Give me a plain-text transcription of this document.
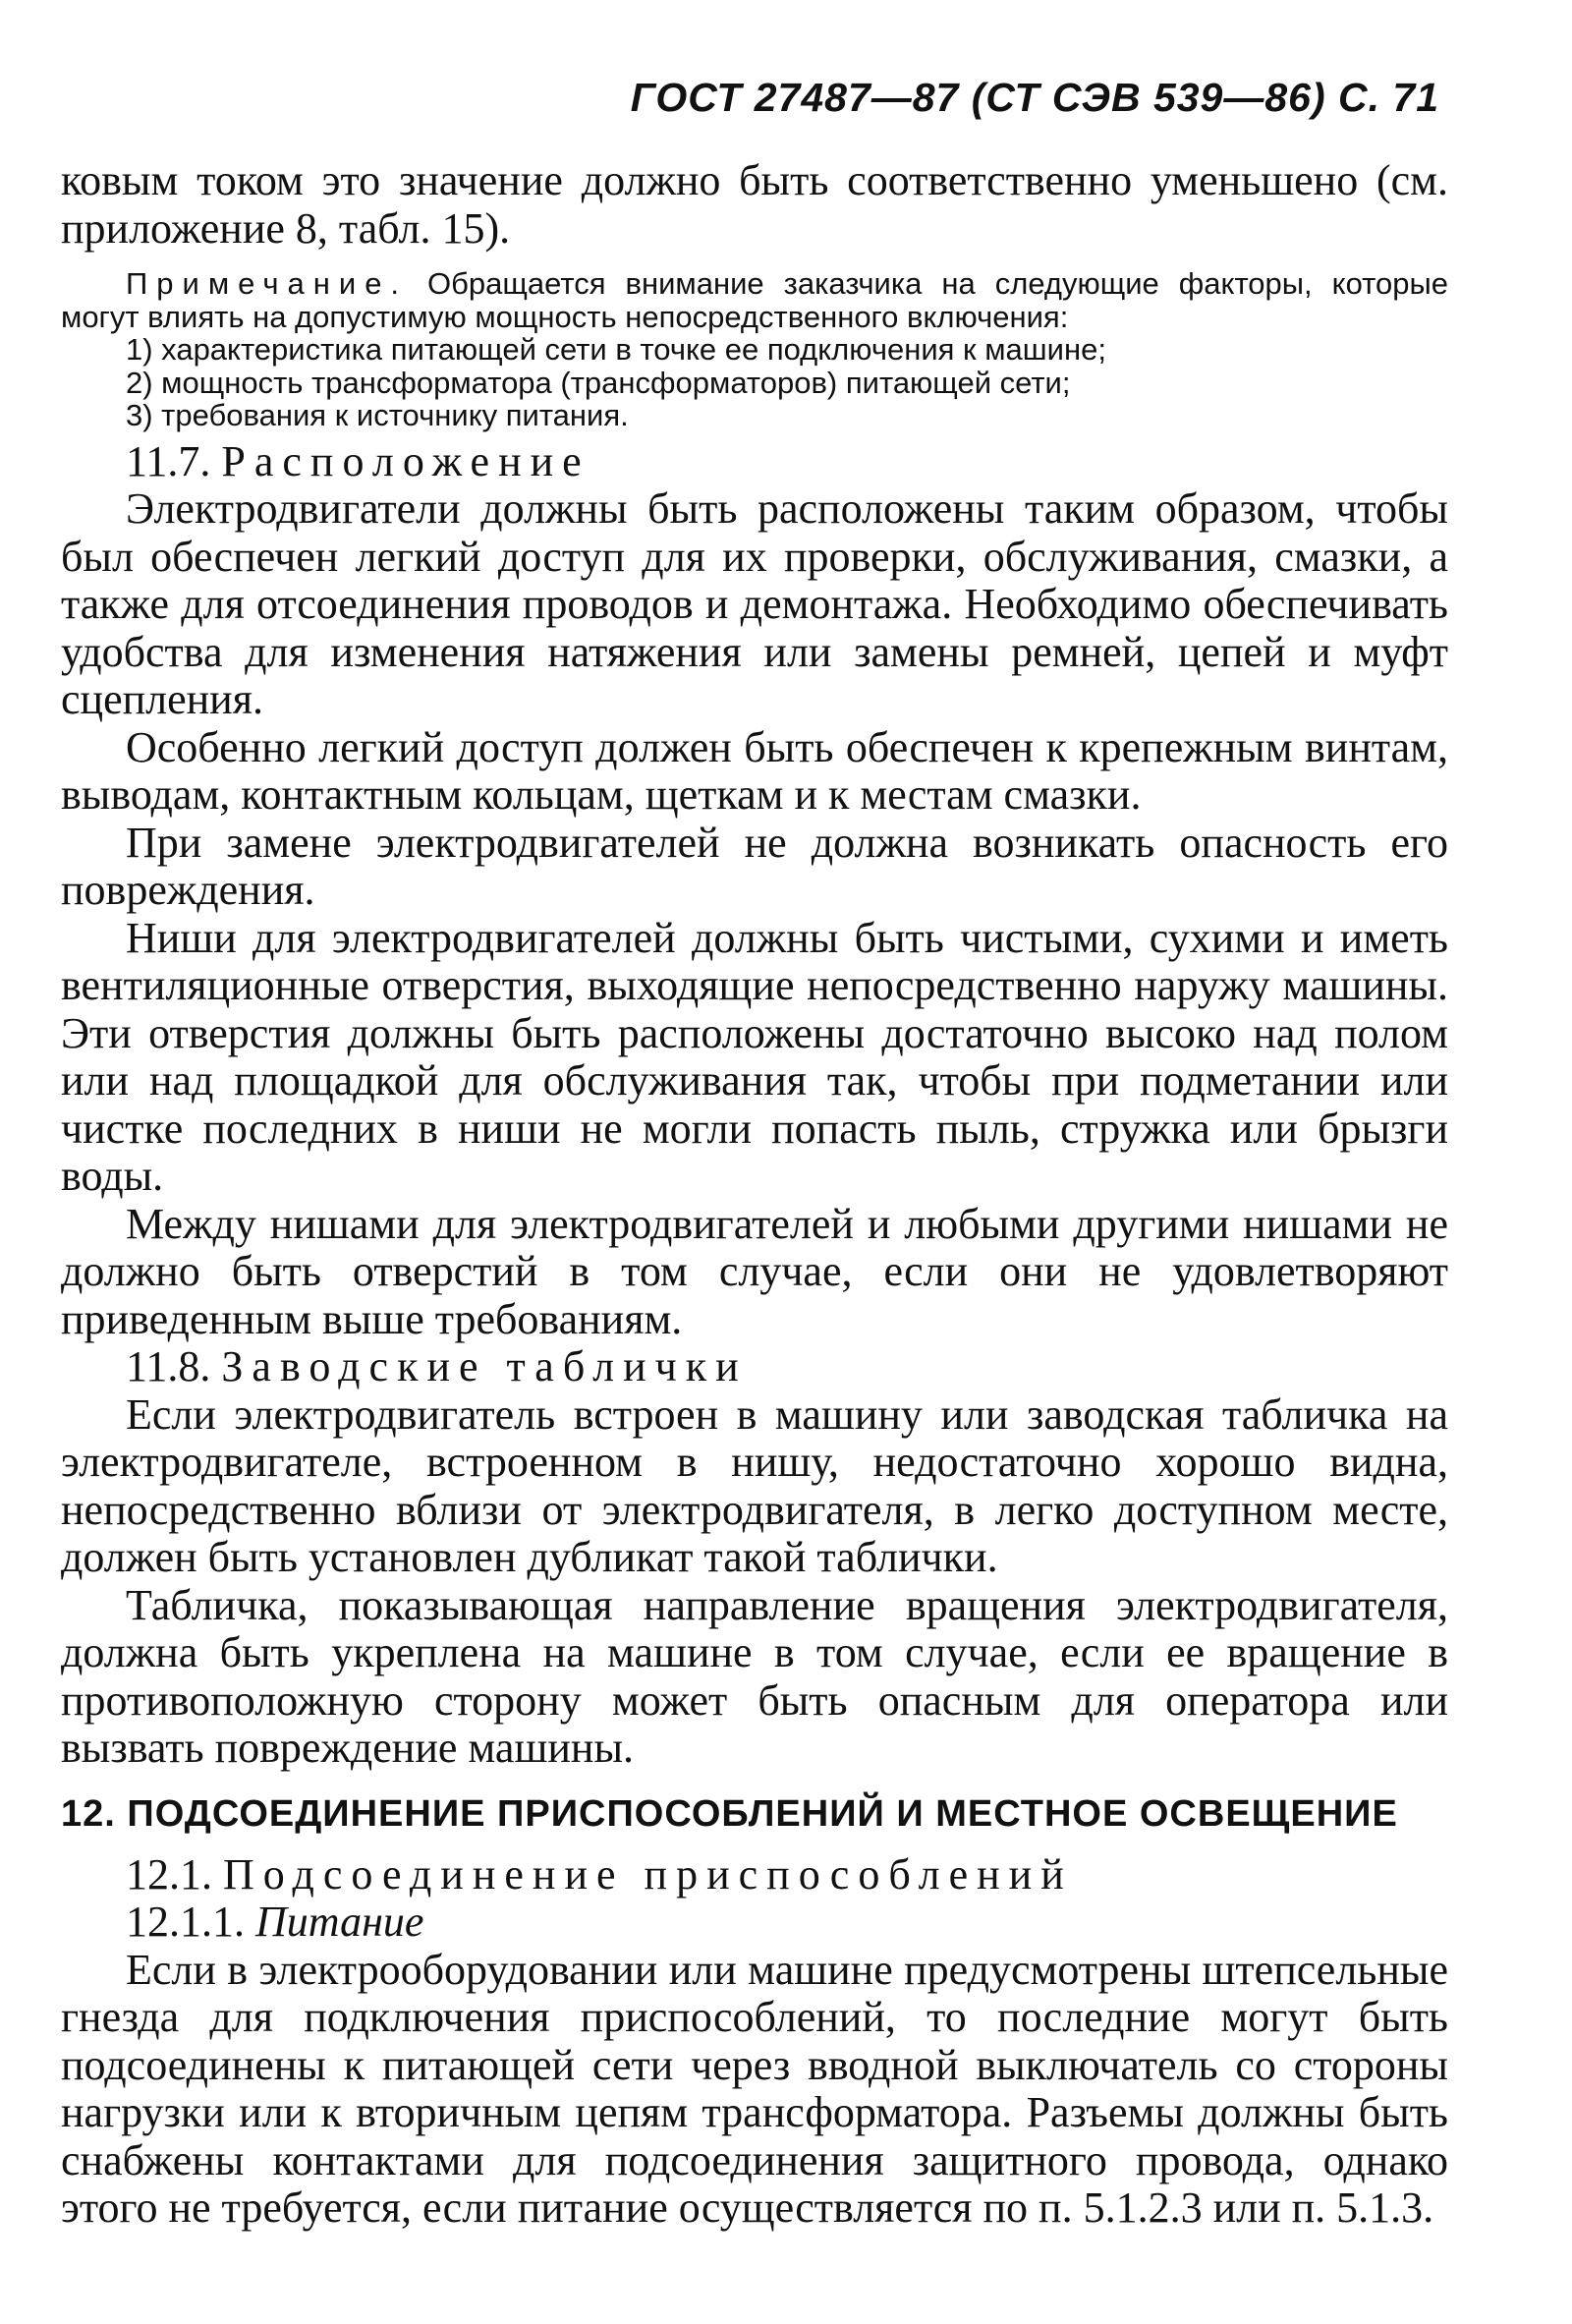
ГОСТ 27487—87 (СТ СЭВ 539—86) С. 71

ковым током это значение должно быть соответственно уменьшено (см. приложение 8, табл. 15).

Примечание. Обращается внимание заказчика на следующие факторы, которые могут влиять на допустимую мощность непосредственного включения:

1) характеристика питающей сети в точке ее подключения к машине;

2) мощность трансформатора (трансформаторов) питающей сети;

3) требования к источнику питания.

11.7. Расположение

Электродвигатели должны быть расположены таким образом, чтобы был обеспечен легкий доступ для их проверки, обслуживания, смазки, а также для отсоединения проводов и демонтажа. Необходимо обеспечивать удобства для изменения натяжения или замены ремней, цепей и муфт сцепления.

Особенно легкий доступ должен быть обеспечен к крепежным винтам, выводам, контактным кольцам, щеткам и к местам смазки.

При замене электродвигателей не должна возникать опасность его повреждения.

Ниши для электродвигателей должны быть чистыми, сухими и иметь вентиляционные отверстия, выходящие непосредственно наружу машины. Эти отверстия должны быть расположены достаточно высоко над полом или над площадкой для обслуживания так, чтобы при подметании или чистке последних в ниши не могли попасть пыль, стружка или брызги воды.

Между нишами для электродвигателей и любыми другими нишами не должно быть отверстий в том случае, если они не удовлетворяют приведенным выше требованиям.

11.8. Заводские таблички

Если электродвигатель встроен в машину или заводская табличка на электродвигателе, встроенном в нишу, недостаточно хорошо видна, непосредственно вблизи от электродвигателя, в легко доступном месте, должен быть установлен дубликат такой таблички.

Табличка, показывающая направление вращения электродвигателя, должна быть укреплена на машине в том случае, если ее вращение в противоположную сторону может быть опасным для оператора или вызвать повреждение машины.

12. ПОДСОЕДИНЕНИЕ ПРИСПОСОБЛЕНИЙ И МЕСТНОЕ ОСВЕЩЕНИЕ

12.1. Подсоединение приспособлений

12.1.1. Питание

Если в электрооборудовании или машине предусмотрены штепсельные гнезда для подключения приспособлений, то последние могут быть подсоединены к питающей сети через вводной выключатель со стороны нагрузки или к вторичным цепям трансформатора. Разъемы должны быть снабжены контактами для подсоединения защитного провода, однако этого не требуется, если питание осуществляется по п. 5.1.2.3 или п. 5.1.3.
